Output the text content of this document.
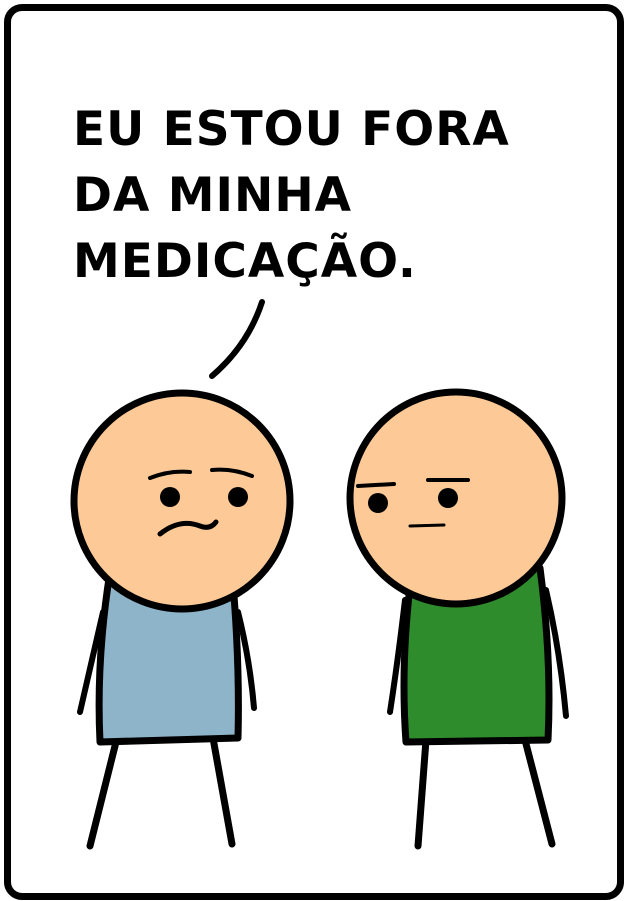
EU ESTOU FORA
DA MINHA
MEDICAÇÃO.
